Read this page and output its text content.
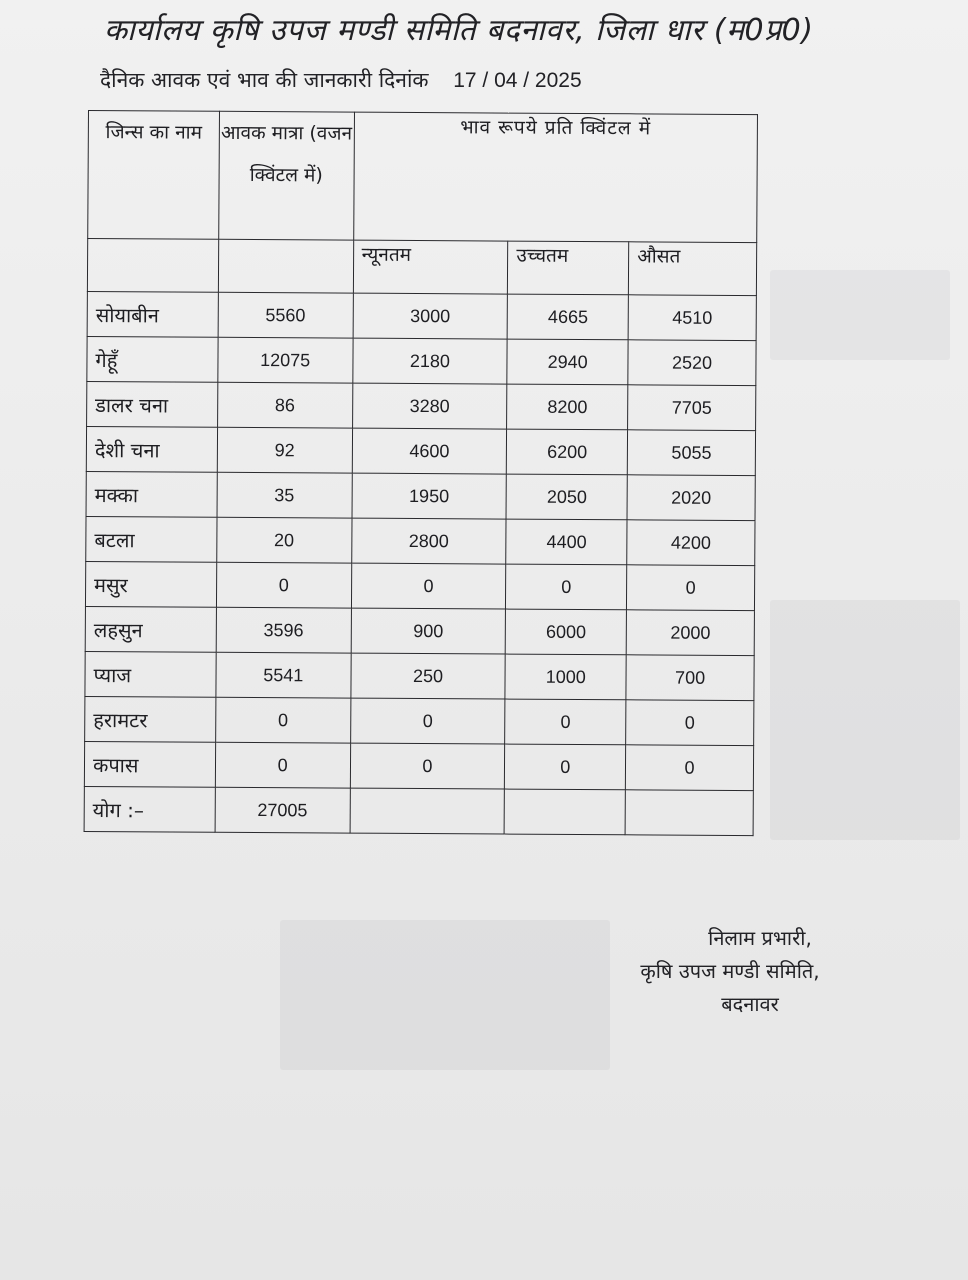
कार्यालय कृषि उपज मण्डी समिति बदनावर, जिला धार (म0प्र0)
दैनिक आवक एवं भाव की जानकारी दिनांक 17 / 04 / 2025
जिन्स का नाम	आवक मात्रा (वजन क्विंटल में)	भाव रूपये प्रति क्विंटल में		
		न्यूनतम	उच्चतम	औसत
सोयाबीन	5560	3000	4665	4510
गेहूँ	12075	2180	2940	2520
डालर चना	86	3280	8200	7705
देशी चना	92	4600	6200	5055
मक्का	35	1950	2050	2020
बटला	20	2800	4400	4200
मसुर	0	0	0	0
लहसुन	3596	900	6000	2000
प्याज	5541	250	1000	700
हरामटर	0	0	0	0
कपास	0	0	0	0
योग :–	27005			
निलाम प्रभारी,
कृषि उपज मण्डी समिति,
बदनावर
